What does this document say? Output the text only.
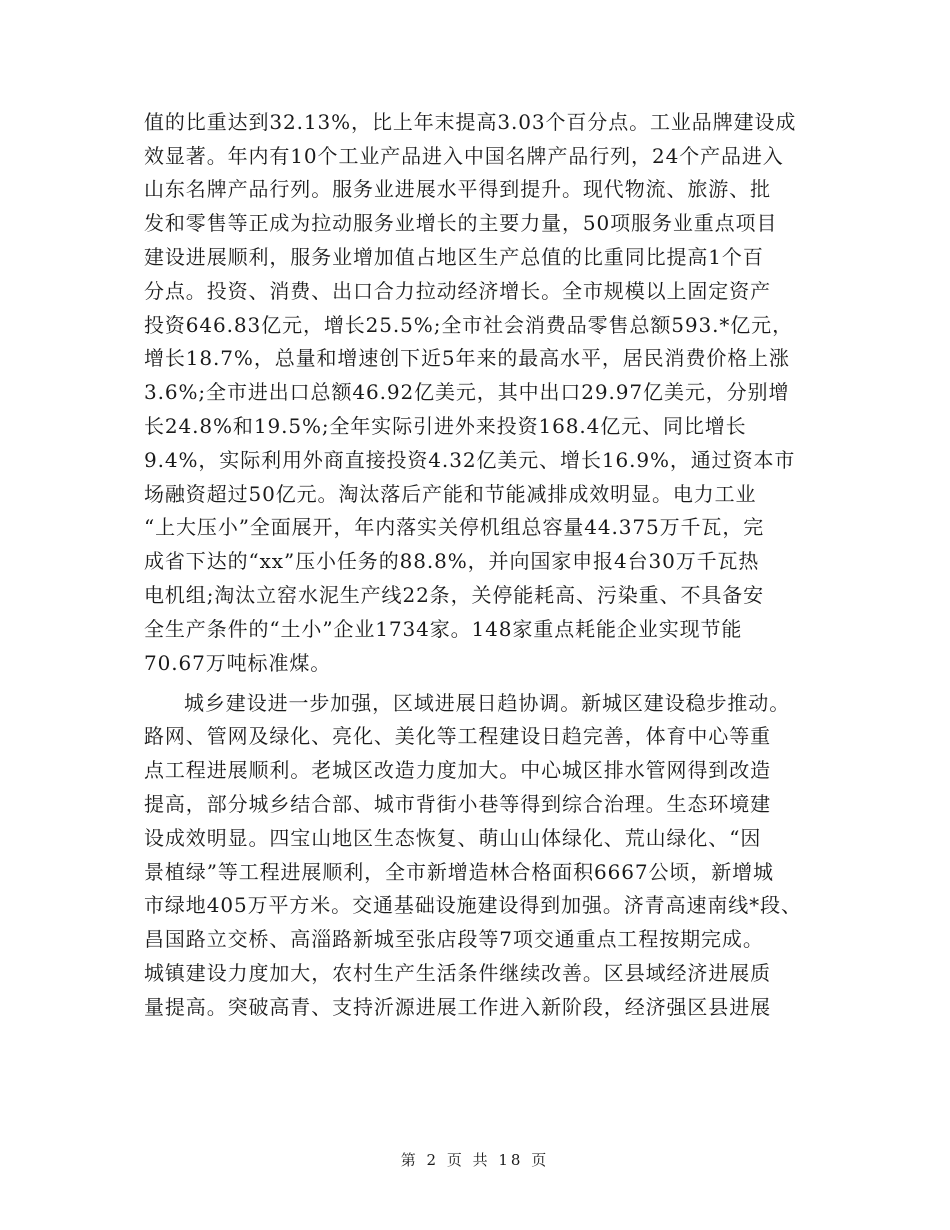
值的比重达到32.13%，比上年末提高3.03个百分点。工业品牌建设成
效显著。年内有10个工业产品进入中国名牌产品行列，24个产品进入
山东名牌产品行列。服务业进展水平得到提升。现代物流、旅游、批
发和零售等正成为拉动服务业增长的主要力量，50项服务业重点项目
建设进展顺利，服务业增加值占地区生产总值的比重同比提高1个百
分点。投资、消费、出口合力拉动经济增长。全市规模以上固定资产
投资646.83亿元，增长25.5%;全市社会消费品零售总额593.*亿元，
增长18.7%，总量和增速创下近5年来的最高水平，居民消费价格上涨
3.6%;全市进出口总额46.92亿美元，其中出口29.97亿美元，分别增
长24.8%和19.5%;全年实际引进外来投资168.4亿元、同比增长
9.4%，实际利用外商直接投资4.32亿美元、增长16.9%，通过资本市
场融资超过50亿元。淘汰落后产能和节能减排成效明显。电力工业
“上大压小”全面展开，年内落实关停机组总容量44.375万千瓦，完
成省下达的“xx”压小任务的88.8%，并向国家申报4台30万千瓦热
电机组;淘汰立窑水泥生产线22条，关停能耗高、污染重、不具备安
全生产条件的“土小”企业1734家。148家重点耗能企业实现节能
70.67万吨标准煤。
城乡建设进一步加强，区域进展日趋协调。新城区建设稳步推动。
路网、管网及绿化、亮化、美化等工程建设日趋完善，体育中心等重
点工程进展顺利。老城区改造力度加大。中心城区排水管网得到改造
提高，部分城乡结合部、城市背街小巷等得到综合治理。生态环境建
设成效明显。四宝山地区生态恢复、萌山山体绿化、荒山绿化、“因
景植绿”等工程进展顺利，全市新增造林合格面积6667公顷，新增城
市绿地405万平方米。交通基础设施建设得到加强。济青高速南线*段、
昌国路立交桥、高淄路新城至张店段等7项交通重点工程按期完成。
城镇建设力度加大，农村生产生活条件继续改善。区县域经济进展质
量提高。突破高青、支持沂源进展工作进入新阶段，经济强区县进展
第 2 页 共 18 页
